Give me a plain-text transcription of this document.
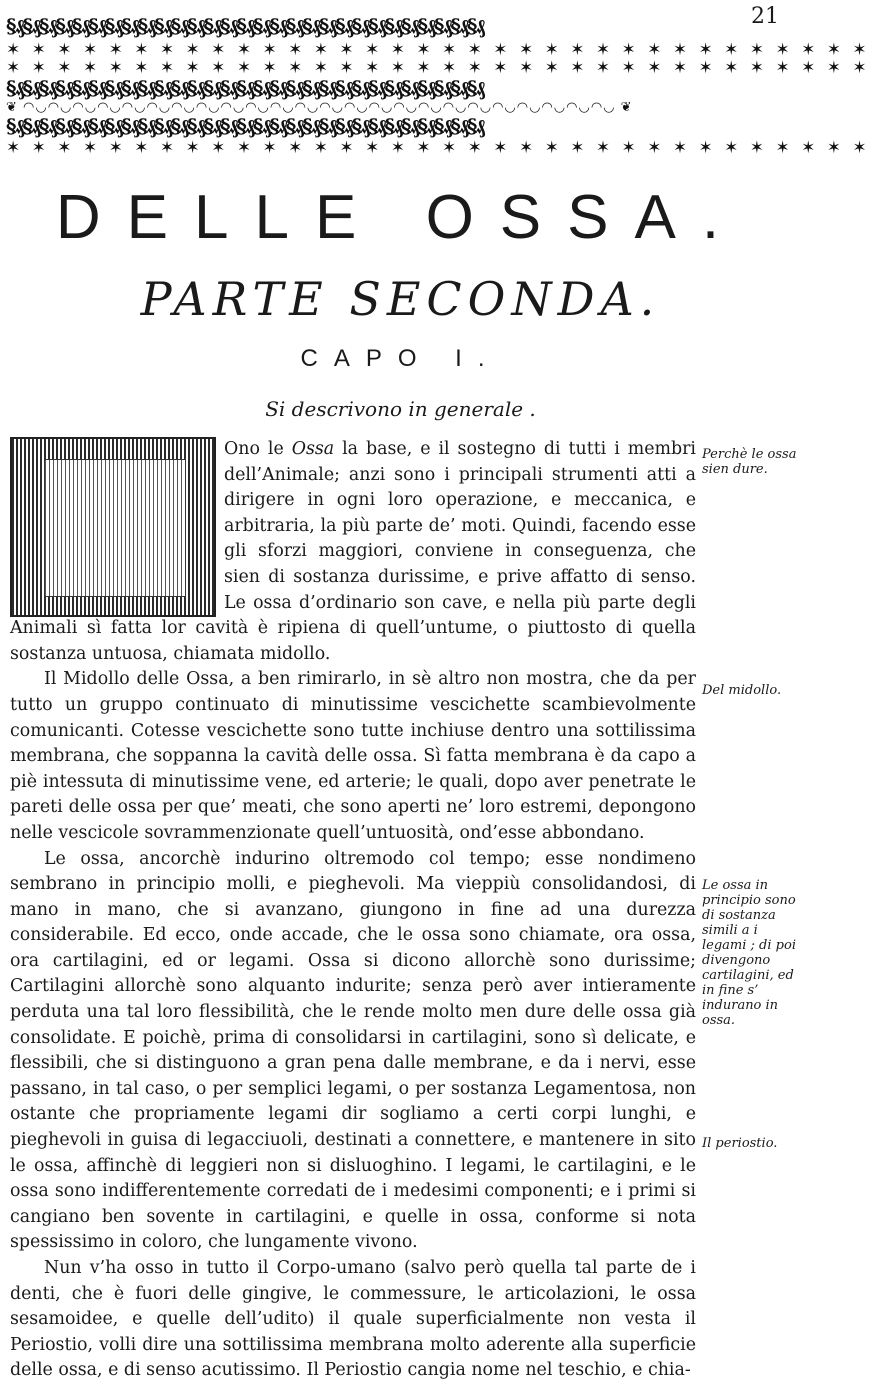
21
§₰§₰§₰§₰§₰§₰§₰§₰§₰§₰§₰§₰§₰§₰§₰§₰§₰§₰§₰§₰§₰§₰§₰§₰§₰§₰§₰§₰§₰
✶ ✶ ✶ ✶ ✶ ✶ ✶ ✶ ✶ ✶ ✶ ✶ ✶ ✶ ✶ ✶ ✶ ✶ ✶ ✶ ✶ ✶ ✶ ✶ ✶ ✶ ✶ ✶ ✶ ✶ ✶ ✶ ✶ ✶
✶ ✶ ✶ ✶ ✶ ✶ ✶ ✶ ✶ ✶ ✶ ✶ ✶ ✶ ✶ ✶ ✶ ✶ ✶ ✶ ✶ ✶ ✶ ✶ ✶ ✶ ✶ ✶ ✶ ✶ ✶ ✶ ✶ ✶
§₰§₰§₰§₰§₰§₰§₰§₰§₰§₰§₰§₰§₰§₰§₰§₰§₰§₰§₰§₰§₰§₰§₰§₰§₰§₰§₰§₰§₰
❦ ◠◡◠◡◠◡◠◡◠◡◠◡◠◡◠◡◠◡◠◡◠◡◠◡◠◡◠◡◠◡◠◡◠◡◠◡◠◡◠◡◠◡◠◡◠◡◠◡ ❦
§₰§₰§₰§₰§₰§₰§₰§₰§₰§₰§₰§₰§₰§₰§₰§₰§₰§₰§₰§₰§₰§₰§₰§₰§₰§₰§₰§₰§₰
✶ ✶ ✶ ✶ ✶ ✶ ✶ ✶ ✶ ✶ ✶ ✶ ✶ ✶ ✶ ✶ ✶ ✶ ✶ ✶ ✶ ✶ ✶ ✶ ✶ ✶ ✶ ✶ ✶ ✶ ✶ ✶ ✶ ✶
DELLE OSSA.
PARTE SECONDA.
CAPO I.
Si descrivono in generale .

Ono le Ossa la base, e il sostegno di tutti i membri dell’Animale; anzi sono i principali strumenti atti a dirigere in ogni loro operazione, e meccanica, e arbitraria, la più parte de’ moti. Quindi, facendo esse gli sforzi maggiori, conviene in conseguenza, che sien di sostanza durissime, e prive affatto di senso. Le ossa d’ordinario son cave, e nella più parte degli Animali sì fatta lor cavità è ripiena di quell’untume, o piuttosto di quella sostanza untuosa, chiamata midollo.

Il Midollo delle Ossa, a ben rimirarlo, in sè altro non mostra, che da per tutto un gruppo continuato di minutissime vescichette scambievolmente comunicanti. Cotesse vescichette sono tutte inchiuse dentro una sottilissima membrana, che soppanna la cavità delle ossa. Sì fatta membrana è da capo a piè intessuta di minutissime vene, ed arterie; le quali, dopo aver penetrate le pareti delle ossa per que’ meati, che sono aperti ne’ loro estremi, depongono nelle vescicole sovrammenzionate quell’untuosità, ond’esse abbondano.

Le ossa, ancorchè indurino oltremodo col tempo; esse nondimeno sembrano in principio molli, e pieghevoli. Ma vieppiù consolidandosi, di mano in mano, che si avanzano, giungono in fine ad una durezza considerabile. Ed ecco, onde accade, che le ossa sono chiamate, ora ossa, ora cartilagini, ed or legami. Ossa si dicono allorchè sono durissime; Cartilagini allorchè sono alquanto indurite; senza però aver intieramente perduta una tal loro flessibilità, che le rende molto men dure delle ossa già consolidate. E poichè, prima di consolidarsi in cartilagini, sono sì delicate, e flessibili, che si distinguono a gran pena dalle membrane, e da i nervi, esse passano, in tal caso, o per semplici legami, o per sostanza Legamentosa, non ostante che propriamente legami dir sogliamo a certi corpi lunghi, e pieghevoli in guisa di legacciuoli, destinati a connettere, e mantenere in sito le ossa, affinchè di leggieri non si disluoghino. I legami, le cartilagini, e le ossa sono indifferentemente corredati de i medesimi componenti; e i primi si cangiano ben sovente in cartilagini, e quelle in ossa, conforme si nota spessissimo in coloro, che lungamente vivono.

Nun v’ha osso in tutto il Corpo-umano (salvo però quella tal parte de i denti, che è fuori delle gingive, le commessure, le articolazioni, le ossa sesamoidee, e quelle dell’udito) il quale superficialmente non vesta il Periostio, volli dire una sottilissima membrana molto aderente alla superficie delle ossa, e di senso acutissimo. Il Periostio cangia nome nel teschio, e chia-

Perchè le ossa sien dure.

Del midollo.

Le ossa in principio sono di sostanza simili a i legami ; di poi divengono cartilagini, ed in fine s’ indurano in ossa.

Il periostio.
